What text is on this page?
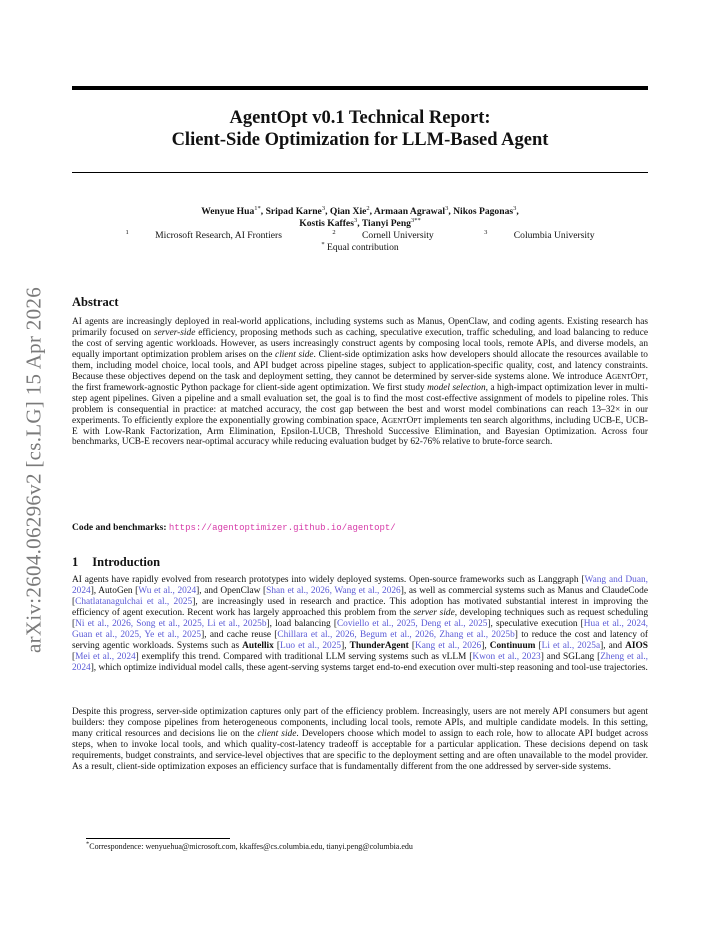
arXiv:2604.06296v2 [cs.LG] 15 Apr 2026
AgentOpt v0.1 Technical Report:
Client-Side Optimization for LLM-Based Agent
Wenyue Hua$^{1*}$, Sripad Karne$^3$, Qian Xie$^2$, Armaan Agrawal$^3$, Nikos Pagonas$^3$,
Kostis Kaffes$^3$, Tianyi Peng$^{3**}$
1	Microsoft Research, AI Frontiers	2	Cornell University	3	Columbia University
* Equal contribution
Abstract
AI agents are increasingly deployed in real-world applications, including systems such as Manus, OpenClaw, and coding agents. Existing research has primarily focused on server-side efficiency, proposing methods such as caching, speculative execution, traffic scheduling, and load balancing to reduce the cost of serving agentic workloads. However, as users increasingly construct agents by composing local tools, remote APIs, and diverse models, an equally important optimization problem arises on the client side. Client-side optimization asks how developers should allocate the resources available to them, including model choice, local tools, and API budget across pipeline stages, subject to application-specific quality, cost, and latency constraints. Because these objectives depend on the task and deployment setting, they cannot be determined by server-side systems alone. We introduce AgentOpt, the first framework-agnostic Python package for client-side agent optimization. We first study model selection, a high-impact optimization lever in multi-step agent pipelines. Given a pipeline and a small evaluation set, the goal is to find the most cost-effective assignment of models to pipeline roles. This problem is consequential in practice: at matched accuracy, the cost gap between the best and worst model combinations can reach 13–32× in our experiments. To efficiently explore the exponentially growing combination space, AgentOpt implements ten search algorithms, including UCB-E, UCB-E with Low-Rank Factorization, Arm Elimination, Epsilon-LUCB, Threshold Successive Elimination, and Bayesian Optimization. Across four benchmarks, UCB-E recovers near-optimal accuracy while reducing evaluation budget by 62-76% relative to brute-force search.
Code and benchmarks: https://agentoptimizer.github.io/agentopt/
1 Introduction
AI agents have rapidly evolved from research prototypes into widely deployed systems. Open-source frameworks such as Langgraph [Wang and Duan, 2024], AutoGen [Wu et al., 2024], and OpenClaw [Shan et al., 2026, Wang et al., 2026], as well as commercial systems such as Manus and ClaudeCode [Chatlatanagulchai et al., 2025], are increasingly used in research and practice. This adoption has motivated substantial interest in improving the efficiency of agent execution. Recent work has largely approached this problem from the server side, developing techniques such as request scheduling [Ni et al., 2026, Song et al., 2025, Li et al., 2025b], load balancing [Coviello et al., 2025, Deng et al., 2025], speculative execution [Hua et al., 2024, Guan et al., 2025, Ye et al., 2025], and cache reuse [Chillara et al., 2026, Begum et al., 2026, Zhang et al., 2025b] to reduce the cost and latency of serving agentic workloads. Systems such as Autellix [Luo et al., 2025], ThunderAgent [Kang et al., 2026], Continuum [Li et al., 2025a], and AIOS [Mei et al., 2024] exemplify this trend. Compared with traditional LLM serving systems such as vLLM [Kwon et al., 2023] and SGLang [Zheng et al., 2024], which optimize individual model calls, these agent-serving systems target end-to-end execution over multi-step reasoning and tool-use trajectories.
Despite this progress, server-side optimization captures only part of the efficiency problem. Increasingly, users are not merely API consumers but agent builders: they compose pipelines from heterogeneous components, including local tools, remote APIs, and multiple candidate models. In this setting, many critical resources and decisions lie on the client side. Developers choose which model to assign to each role, how to allocate API budget across steps, when to invoke local tools, and which quality-cost-latency tradeoff is acceptable for a particular application. These decisions depend on task requirements, budget constraints, and service-level objectives that are specific to the deployment setting and are often unavailable to the model provider. As a result, client-side optimization exposes an efficiency surface that is fundamentally different from the one addressed by server-side systems.
*Correspondence: wenyuehua@microsoft.com, kkaffes@cs.columbia.edu, tianyi.peng@columbia.edu
